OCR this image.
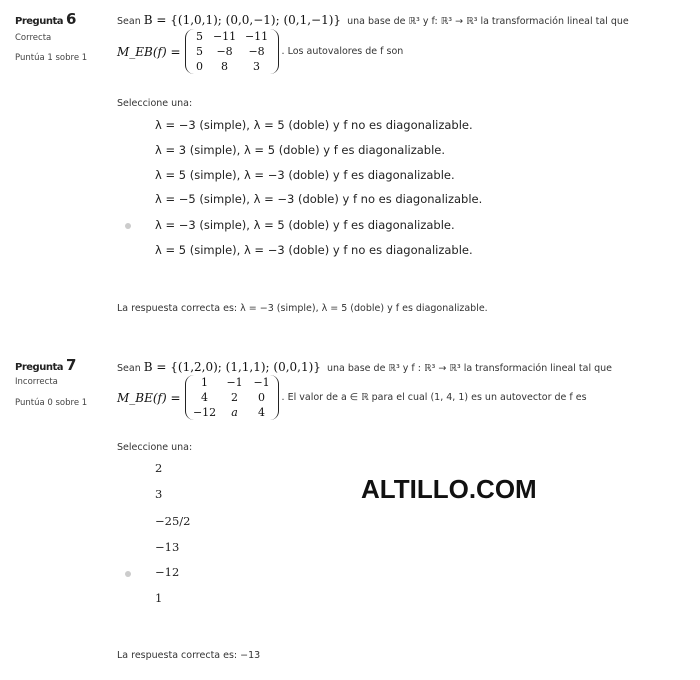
Pregunta 6
Correcta
Puntúa 1 sobre 1
Sean B = {(1,0,1); (0,0,−1); (0,1,−1)} una base de ℝ³ y f: ℝ³ → ℝ³ la transformación lineal tal que
M_EB(f) =
5 −11 −11
5	−8	−8
0	8	3
. Los autovalores de f son
Seleccione una:
λ = −3 (simple), λ = 5 (doble) y f no es diagonalizable.
λ = 3 (simple), λ = 5 (doble) y f es diagonalizable.
λ = 5 (simple), λ = −3 (doble) y f es diagonalizable.
λ = −5 (simple), λ = −3 (doble) y f no es diagonalizable.
λ = −3 (simple), λ = 5 (doble) y f es diagonalizable.
λ = 5 (simple), λ = −3 (doble) y f no es diagonalizable.
La respuesta correcta es: λ = −3 (simple), λ = 5 (doble) y f es diagonalizable.
Pregunta 7
Incorrecta
Puntúa 0 sobre 1
Sean B = {(1,2,0); (1,1,1); (0,0,1)} una base de ℝ³ y f : ℝ³ → ℝ³ la transformación lineal tal que
M_BE(f) =
1	−1 −1
4	2	0
−12	a	4
. El valor de a ∈ ℝ para el cual (1, 4, 1) es un autovector de f es
Seleccione una:
2
3
−25/2
−13
−12
1
La respuesta correcta es: −13
ALTILLO.COM
